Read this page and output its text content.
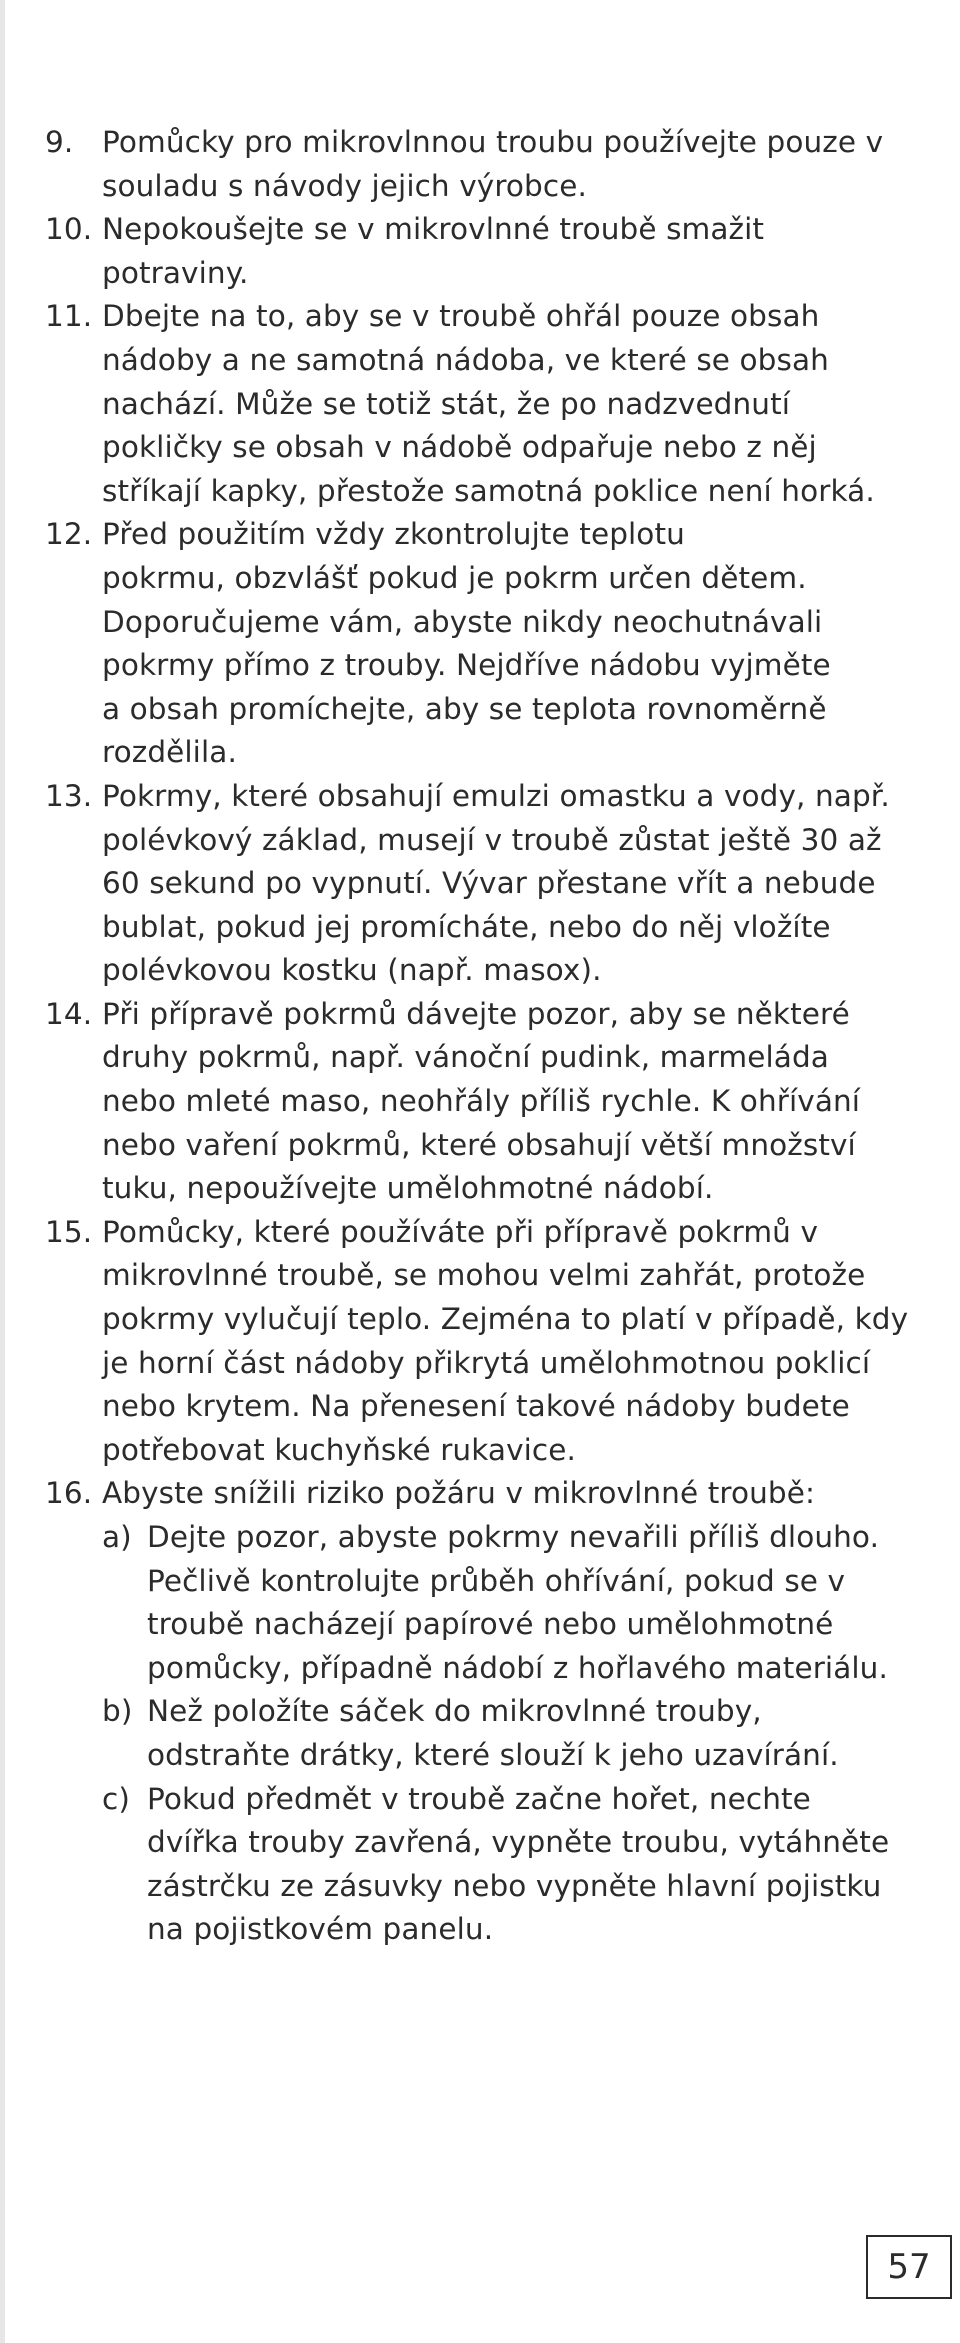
9. Pomůcky pro mikrovlnnou troubu používejte pouze v
souladu s návody jejich výrobce.
10. Nepokoušejte se v mikrovlnné troubě smažit
potraviny.
11. Dbejte na to, aby se v troubě ohřál pouze obsah
nádoby a ne samotná nádoba, ve které se obsah
nachází. Může se totiž stát, že po nadzvednutí
pokličky se obsah v nádobě odpařuje nebo z něj
stříkají kapky, přestože samotná poklice není horká.
12. Před použitím vždy zkontrolujte teplotu
pokrmu, obzvlášť pokud je pokrm určen dětem.
Doporučujeme vám, abyste nikdy neochutnávali
pokrmy přímo z trouby. Nejdříve nádobu vyjměte
a obsah promíchejte, aby se teplota rovnoměrně
rozdělila.
13. Pokrmy, které obsahují emulzi omastku a vody, např.
polévkový základ, musejí v troubě zůstat ještě 30 až
60 sekund po vypnutí. Vývar přestane vřít a nebude
bublat, pokud jej promícháte, nebo do něj vložíte
polévkovou kostku (např. masox).
14. Při přípravě pokrmů dávejte pozor, aby se některé
druhy pokrmů, např. vánoční pudink, marmeláda
nebo mleté maso, neohřály příliš rychle. K ohřívání
nebo vaření pokrmů, které obsahují větší množství
tuku, nepoužívejte umělohmotné nádobí.
15. Pomůcky, které používáte při přípravě pokrmů v
mikrovlnné troubě, se mohou velmi zahřát, protože
pokrmy vylučují teplo. Zejména to platí v případě, kdy
je horní část nádoby přikrytá umělohmotnou poklicí
nebo krytem. Na přenesení takové nádoby budete
potřebovat kuchyňské rukavice.
16. Abyste snížili riziko požáru v mikrovlnné troubě:
a) Dejte pozor, abyste pokrmy nevařili příliš dlouho.
Pečlivě kontrolujte průběh ohřívání, pokud se v
troubě nacházejí papírové nebo umělohmotné
pomůcky, případně nádobí z hořlavého materiálu.
b) Než položíte sáček do mikrovlnné trouby,
odstraňte drátky, které slouží k jeho uzavírání.
c) Pokud předmět v troubě začne hořet, nechte
dvířka trouby zavřená, vypněte troubu, vytáhněte
zástrčku ze zásuvky nebo vypněte hlavní pojistku
na pojistkovém panelu.
57
